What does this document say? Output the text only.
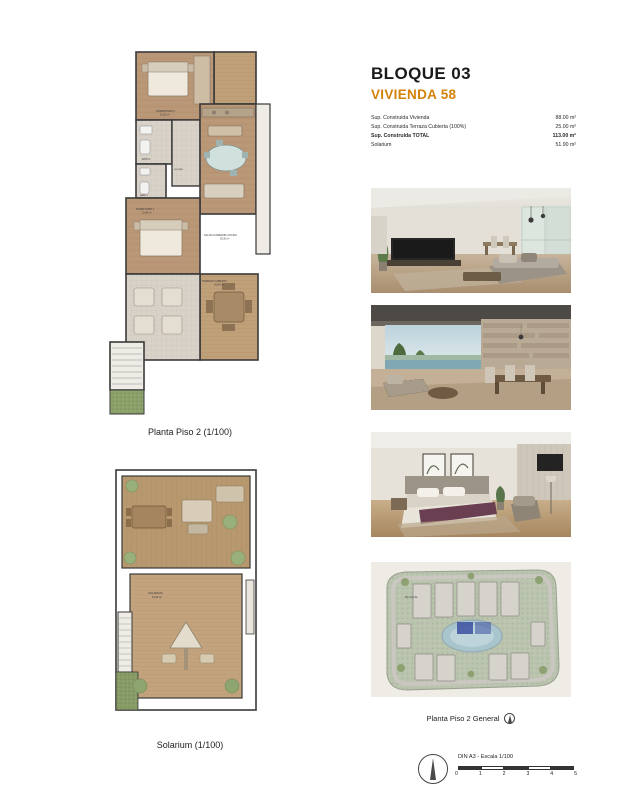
DORMITORIO 2
11.65 m²
BAÑO 2
DISTRIB.
SALON-COMEDOR-COCINA
30.20 m²
BAÑO 1
DORMITORIO 1
12.40 m²
TERRAZA CUBIERTA
25.00 m²
Planta Piso 2 (1/100)
SOLARIUM
51.90 m²
Solarium (1/100)
BLOQUE 03
VIVIENDA 58
Sup. Construida Vivienda	88.00 m²
Sup. Construida Terraza Cubierta (100%)	25.00 m²
Sup. Construida TOTAL	113.00 m²
Solarium	51.90 m²
BLOQUE
Planta Piso 2 General
DIN A3 - Escala 1/100
0	1	2	3	4	5
